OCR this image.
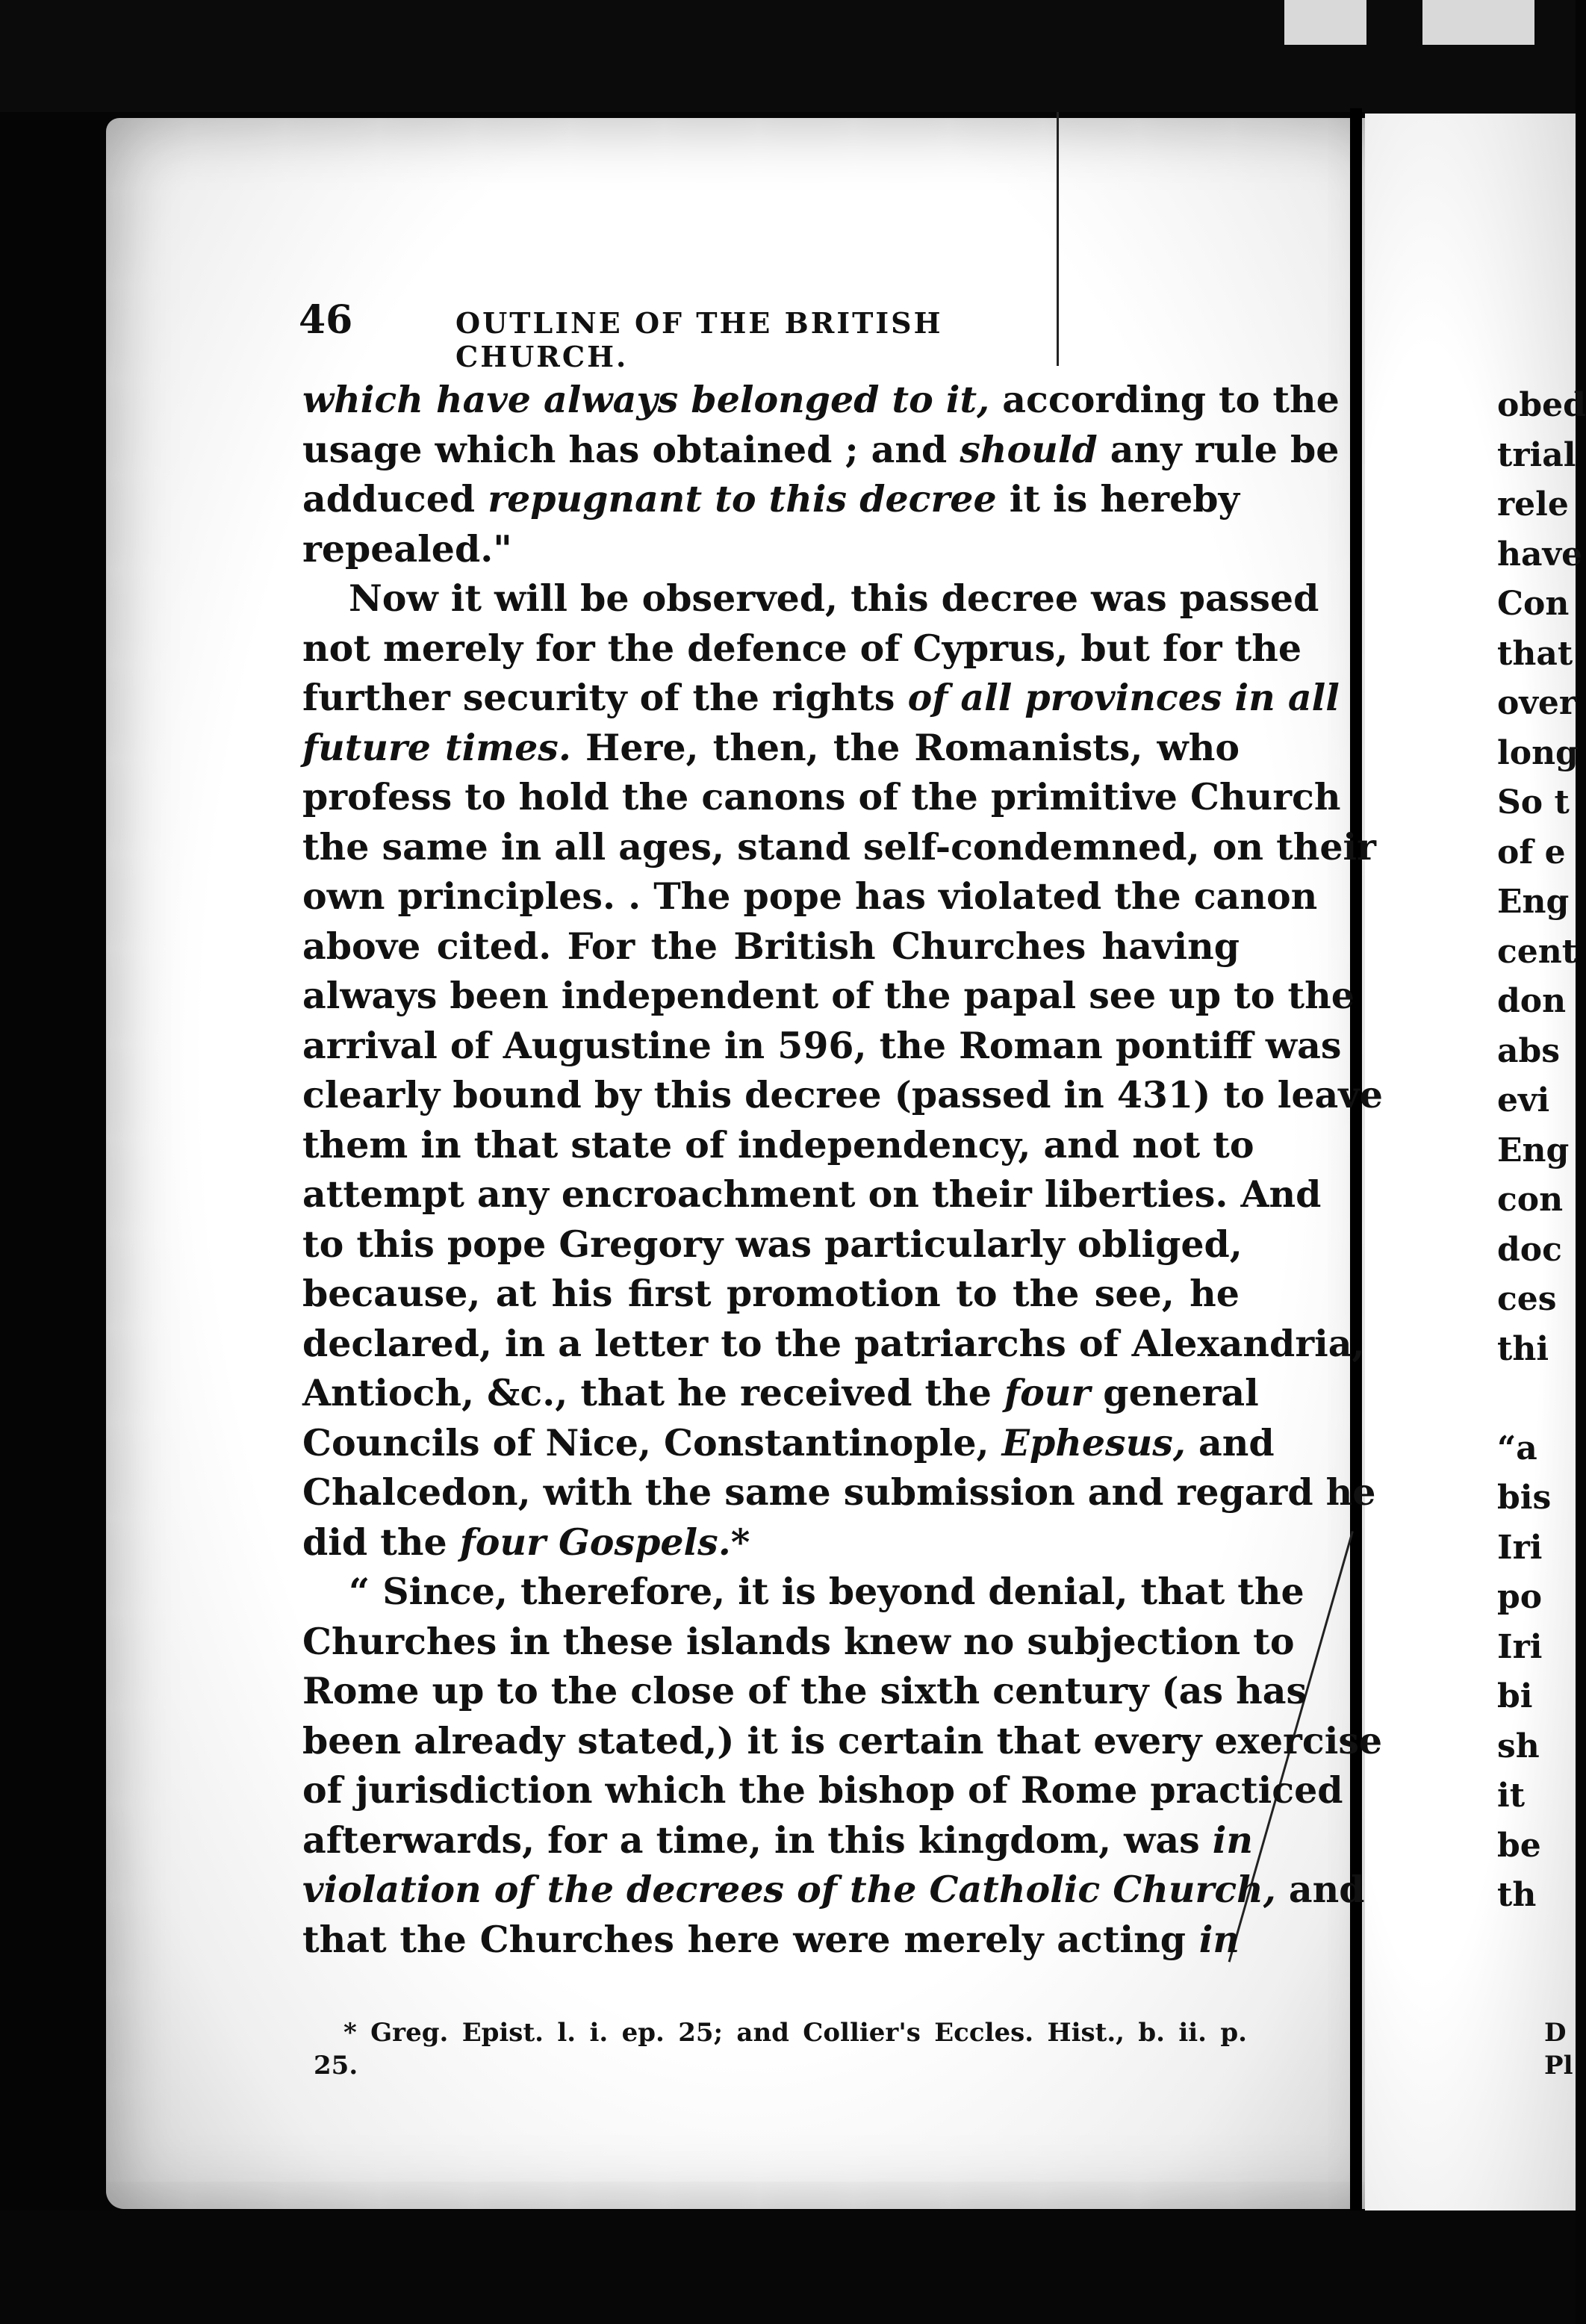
46	OUTLINE OF THE BRITISH CHURCH.
which have always belonged to it, according to the
usage which has obtained ; and should any rule be
adduced repugnant to this decree it is hereby
repealed."
Now it will be observed, this decree was passed
not merely for the defence of Cyprus, but for the
further security of the rights of all provinces in all
future times. Here, then, the Romanists, who
profess to hold the canons of the primitive Church
the same in all ages, stand self-condemned, on their
own principles. . The pope has violated the canon
above cited. For the British Churches having
always been independent of the papal see up to the
arrival of Augustine in 596, the Roman pontiff was
clearly bound by this decree (passed in 431) to leave
them in that state of independency, and not to
attempt any encroachment on their liberties. And
to this pope Gregory was particularly obliged,
because, at his first promotion to the see, he
declared, in a letter to the patriarchs of Alexandria,
Antioch, &c., that he received the four general
Councils of Nice, Constantinople, Ephesus, and
Chalcedon, with the same submission and regard he
did the four Gospels.*
“ Since, therefore, it is beyond denial, that the
Churches in these islands knew no subjection to
Rome up to the close of the sixth century (as has
been already stated,) it is certain that every exercise
of jurisdiction which the bishop of Rome practiced
afterwards, for a time, in this kingdom, was in
violation of the decrees of the Catholic Church, and
that the Churches here were merely acting in
* Greg. Epist. l. i. ep. 25; and Collier's Eccles. Hist., b. ii. p.
25.
obed
trial
rele
have
Con
that
over
long
So t
of e
Eng
cent
don
abs
evi
Eng
con
doc
ces
thi
“a
bis
Iri
po
Iri
bi
sh
it
be
th
D
Pl
